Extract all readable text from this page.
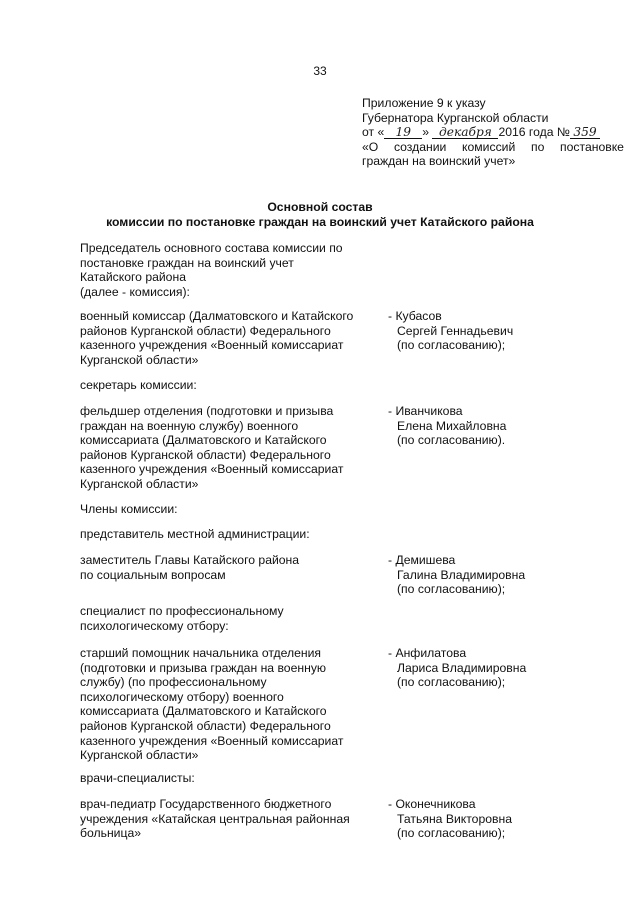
33
Приложение 9 к указу
Губернатора Курганской области
от « 19 » декабря 2016 года № 359
«О создании комиссий по постановке
граждан на воинский учет»
Основной состав
комиссии по постановке граждан на воинский учет Катайского района
Председатель основного состава комиссии по
постановке граждан на воинский учет
Катайского района
(далее - комиссия):
военный комиссар (Далматовского и Катайского
районов Курганской области) Федерального
казенного учреждения «Военный комиссариат
Курганской области»
- Кубасов
Сергей Геннадьевич
(по согласованию);
секретарь комиссии:
фельдшер отделения (подготовки и призыва
граждан на военную службу) военного
комиссариата (Далматовского и Катайского
районов Курганской области) Федерального
казенного учреждения «Военный комиссариат
Курганской области»
- Иванчикова
Елена Михайловна
(по согласованию).
Члены комиссии:
представитель местной администрации:
заместитель Главы Катайского района
по социальным вопросам
- Демишева
Галина Владимировна
(по согласованию);
специалист по профессиональному
психологическому отбору:
старший помощник начальника отделения
(подготовки и призыва граждан на военную
службу) (по профессиональному
психологическому отбору) военного
комиссариата (Далматовского и Катайского
районов Курганской области) Федерального
казенного учреждения «Военный комиссариат
Курганской области»
- Анфилатова
Лариса Владимировна
(по согласованию);
врачи-специалисты:
врач-педиатр Государственного бюджетного
учреждения «Катайская центральная районная
больница»
- Оконечникова
Татьяна Викторовна
(по согласованию);
